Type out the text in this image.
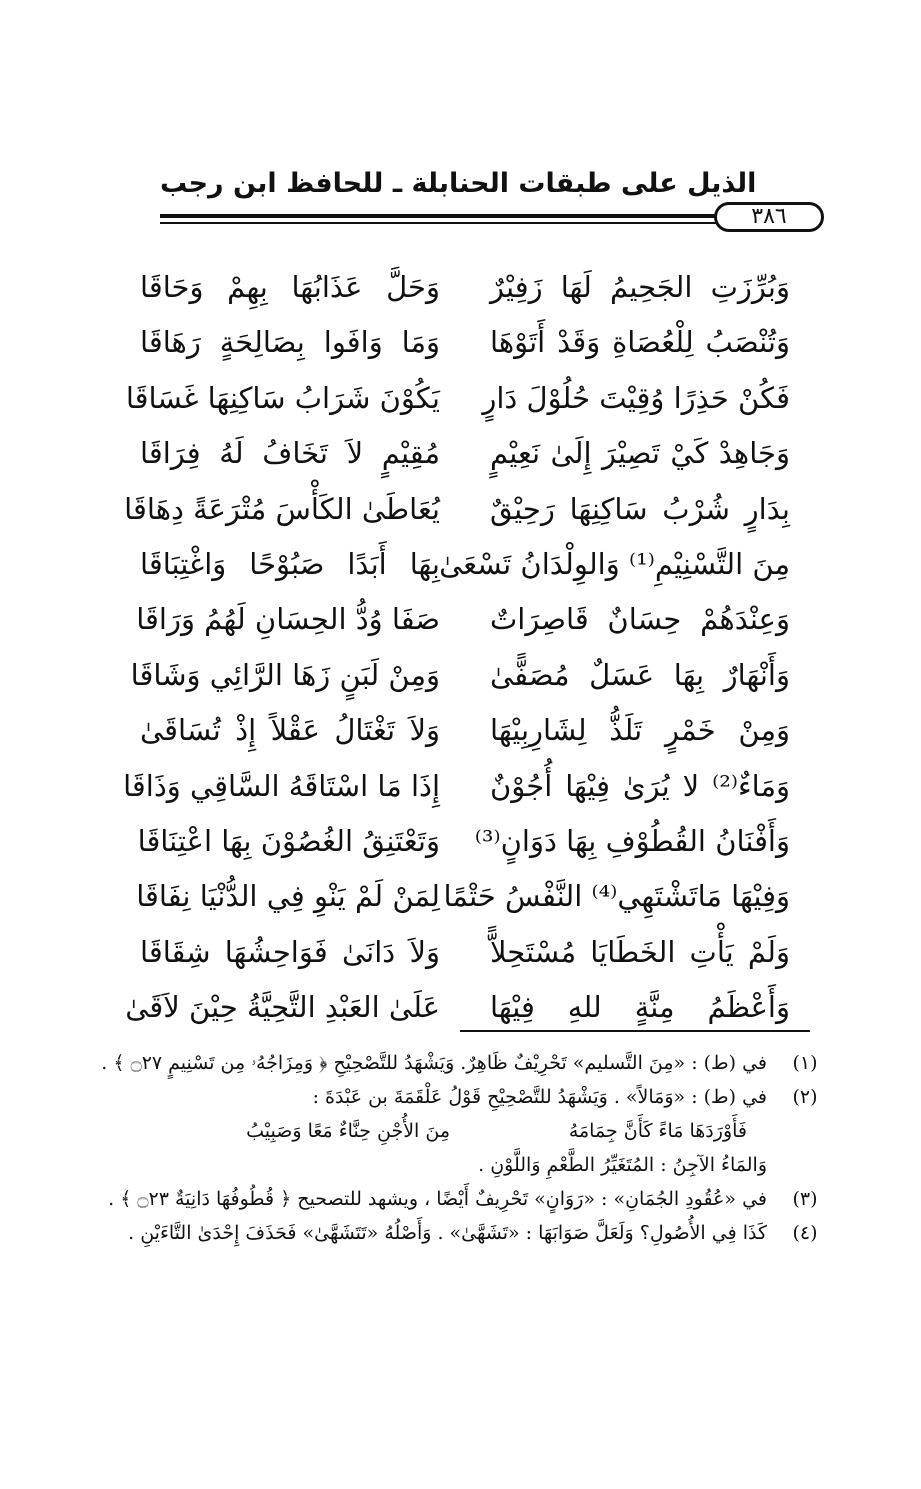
الذيل على طبقات الحنابلة ـ للحافظ ابن رجب
٣٨٦
وَبُرِّزَتِ الجَحِيمُ لَهَا زَفِيْرٌ
وَحَلَّ عَذَابُهَا بِهِمْ وَحَاقَا
وَتُنْصَبُ لِلْعُصَاةِ وَقَدْ أَتَوْهَا
وَمَا وَافَوا بِصَالِحَةٍ رَهَاقَا
فَكُنْ حَذِرًا وُقِيْتَ حُلُوْلَ دَارٍ
يَكُوْنَ شَرَابُ سَاكِنِهَا غَسَاقَا
وَجَاهِدْ كَيْ تَصِيْرَ إِلَىٰ نَعِيْمٍ
مُقِيْمٍ لاَ تَخَافُ لَهُ فِرَاقَا
بِدَارٍ شُرْبُ سَاكِنِهَا رَحِيْقٌ
يُعَاطَىٰ الكَأْسَ مُتْرَعَةً دِهَاقَا
مِنَ التَّسْنِيْمِ⁽¹⁾ وَالوِلْدَانُ تَسْعَىٰ
بِهَا أَبَدًا صَبُوْحًا وَاغْتِبَاقَا
وَعِنْدَهُمْ حِسَانٌ قَاصِرَاتٌ
صَفَا وُدُّ الحِسَانِ لَهُمُ وَرَاقَا
وَأَنْهَارٌ بِهَا عَسَلٌ مُصَفًّىٰ
وَمِنْ لَبَنٍ زَهَا الرَّائِي وَشَاقَا
وَمِنْ خَمْرٍ تَلَذُّ لِشَارِبِيْهَا
وَلاَ تَغْتَالُ عَقْلاً إِذْ تُسَاقَىٰ
وَمَاءٌ⁽²⁾ لا يُرَىٰ فِيْهَا أُجُوْنٌ
إِذَا مَا اسْتَاقَهُ السَّاقِي وَذَاقَا
وَأَفْنَانُ القُطُوْفِ بِهَا دَوَانٍ⁽³⁾
وَتَعْتَنِقُ الغُصُوْنَ بِهَا اعْتِنَاقَا
وَفِيْهَا مَاتَشْتَهِي⁽⁴⁾ النَّفْسُ حَتْمًا
لِمَنْ لَمْ يَنْوِ فِي الدُّنْيَا نِفَاقَا
وَلَمْ يَأْتِ الخَطَايَا مُسْتَحِلاًّ
وَلاَ دَانَىٰ فَوَاحِشُهَا شِقَاقَا
وَأَعْظَمُ مِنَّةٍ للهِ فِيْهَا
عَلَىٰ العَبْدِ التَّحِيَّةُ حِيْنَ لاَقَىٰ
(١)
في (ط) : «مِنَ التَّسليم» تَحْرِيْفٌ ظَاهِرٌ. وَيَشْهَدُ للتَّصْحِيْحِ ﴿ وَمِزَاجُهُۥ مِن تَسْنِيمٍ ۝٢٧ ﴾ .
(٢)
في (ط) : «وَمَالاً» . وَيَشْهَدُ للتَّصْحِيْحِ قَوْلُ عَلْقَمَةَ بن عَبْدَةَ :
فَأَوْرَدَهَا مَاءً كَأَنَّ جِمَامَهُ
مِنَ الأُجْنِ حِنَّاءٌ مَعًا وَصَبِيْبُ
وَالمَاءُ الآجِنُ : المُتَغَيِّرُ الطَّعْمِ وَاللَّوْنِ .
(٣)
في «عُقُودِ الجُمَانِ» : «رَوَانٍ» تَحْرِيفٌ أَيْضًا ، ويشهد للتصحيح ﴿ قُطُوفُهَا دَانِيَةٌ ۝٢٣ ﴾ .
(٤)
كَذَا فِي الأُصُولِ؟ وَلَعَلَّ صَوَابَهَا : «تَشَهَّىٰ» . وَأَصْلُهُ «تَتَشَهَّىٰ» فَحَذَفَ إِحْدَىٰ التَّاءَيْنِ .
